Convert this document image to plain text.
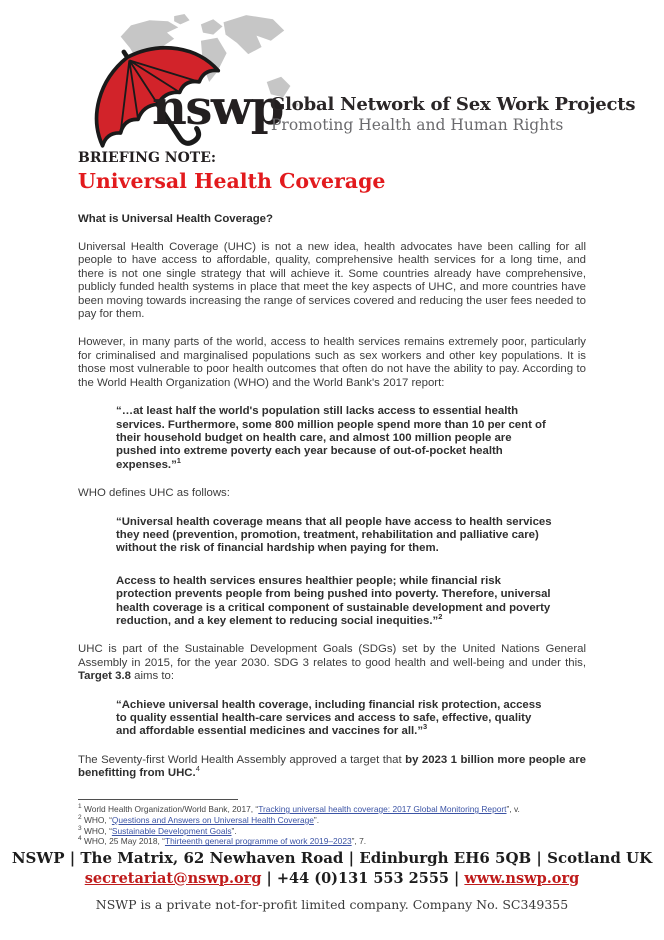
nswp
Global Network of Sex Work Projects
Promoting Health and Human Rights
BRIEFING NOTE:
Universal Health Coverage
What is Universal Health Coverage?

Universal Health Coverage (UHC) is not a new idea, health advocates have been calling for all people to have access to affordable, quality, comprehensive health services for a long time, and there is not one single strategy that will achieve it. Some countries already have comprehensive, publicly funded health systems in place that meet the key aspects of UHC, and more countries have been moving towards increasing the range of services covered and reducing the user fees needed to pay for them.

However, in many parts of the world, access to health services remains extremely poor, particularly for criminalised and marginalised populations such as sex workers and other key populations. It is those most vulnerable to poor health outcomes that often do not have the ability to pay. According to the World Health Organization (WHO) and the World Bank's 2017 report:

“…at least half the world's population still lacks access to essential health services. Furthermore, some 800 million people spend more than 10 per cent of their household budget on health care, and almost 100 million people are pushed into extreme poverty each year because of out-of-pocket health expenses.”$^1$

WHO defines UHC as follows:

“Universal health coverage means that all people have access to health services they need (prevention, promotion, treatment, rehabilitation and palliative care) without the risk of financial hardship when paying for them.

Access to health services ensures healthier people; while financial risk protection prevents people from being pushed into poverty. Therefore, universal health coverage is a critical component of sustainable development and poverty reduction, and a key element to reducing social inequities.”$^2$

UHC is part of the Sustainable Development Goals (SDGs) set by the United Nations General Assembly in 2015, for the year 2030. SDG 3 relates to good health and well-being and under this, Target 3.8 aims to:

“Achieve universal health coverage, including financial risk protection, access to quality essential health-care services and access to safe, effective, quality and affordable essential medicines and vaccines for all.”$^3$

The Seventy-first World Health Assembly approved a target that by 2023 1 billion more people are benefitting from UHC.$^4$

$^1$ World Health Organization/World Bank, 2017, “Tracking universal health coverage: 2017 Global Monitoring Report”, v.
$^2$ WHO, “Questions and Answers on Universal Health Coverage”.
$^3$ WHO, “Sustainable Development Goals”.
$^4$ WHO, 25 May 2018, “Thirteenth general programme of work 2019–2023”, 7.
NSWP | The Matrix, 62 Newhaven Road | Edinburgh EH6 5QB | Scotland UK
secretariat@nswp.org | +44 (0)131 553 2555 | www.nswp.org
NSWP is a private not-for-profit limited company. Company No. SC349355
